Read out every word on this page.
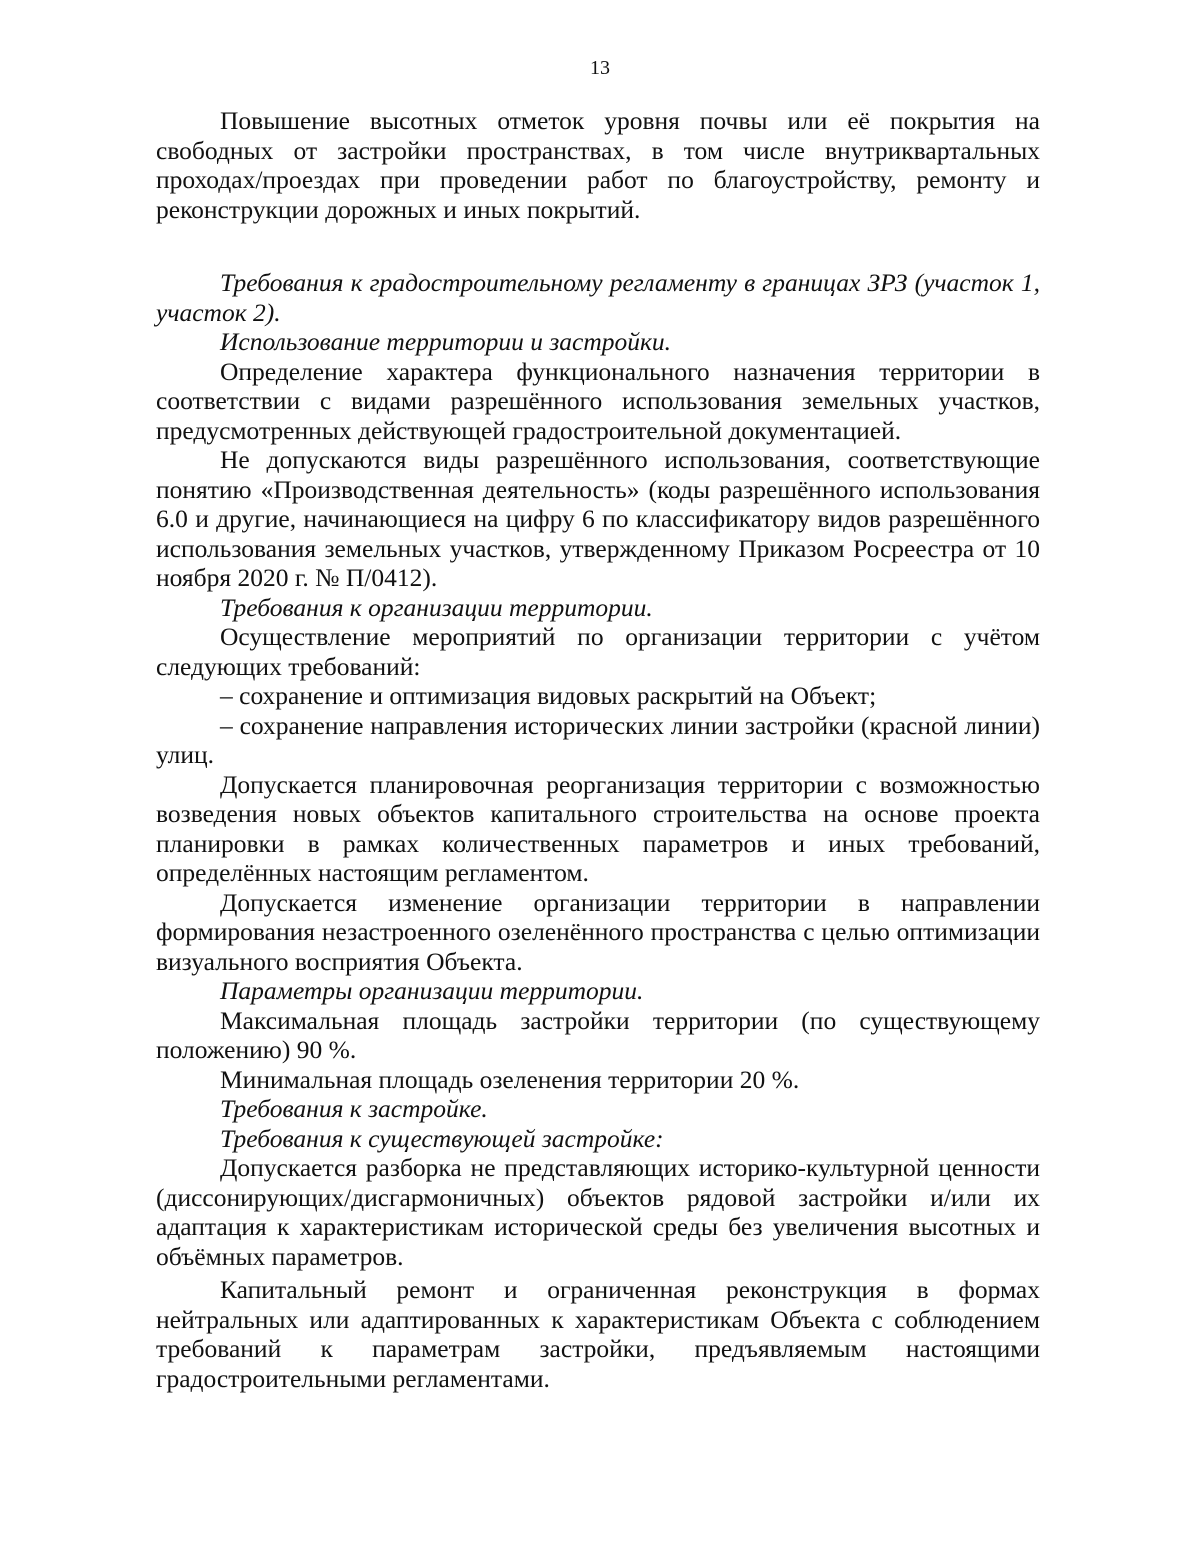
13

Повышение высотных отметок уровня почвы или её покрытия на свободных от застройки пространствах, в том числе внутриквартальных проходах/проездах при проведении работ по благоустройству, ремонту и реконструкции дорожных и иных покрытий.

Требования к градостроительному регламенту в границах ЗРЗ (участок 1, участок 2).

Использование территории и застройки.

Определение характера функционального назначения территории в соответствии с видами разрешённого использования земельных участков, предусмотренных действующей градостроительной документацией.

Не допускаются виды разрешённого использования, соответствующие понятию «Производственная деятельность» (коды разрешённого использования 6.0 и другие, начинающиеся на цифру 6 по классификатору видов разрешённого использования земельных участков, утвержденному Приказом Росреестра от 10 ноября 2020 г. № П/0412).

Требования к организации территории.

Осуществление мероприятий по организации территории с учётом следующих требований:

– сохранение и оптимизация видовых раскрытий на Объект;

– сохранение направления исторических линии застройки (красной линии) улиц.

Допускается планировочная реорганизация территории с возможностью возведения новых объектов капитального строительства на основе проекта планировки в рамках количественных параметров и иных требований, определённых настоящим регламентом.

Допускается изменение организации территории в направлении формирования незастроенного озеленённого пространства с целью оптимизации визуального восприятия Объекта.

Параметры организации территории.

Максимальная площадь застройки территории (по существующему положению) 90 %.

Минимальная площадь озеленения территории 20 %.

Требования к застройке.

Требования к существующей застройке:

Допускается разборка не представляющих историко-культурной ценности (диссонирующих/дисгармоничных) объектов рядовой застройки и/или их адаптация к характеристикам исторической среды без увеличения высотных и объёмных параметров.

Капитальный ремонт и ограниченная реконструкция в формах нейтральных или адаптированных к характеристикам Объекта с соблюдением требований к параметрам застройки, предъявляемым настоящими градостроительными регламентами.
